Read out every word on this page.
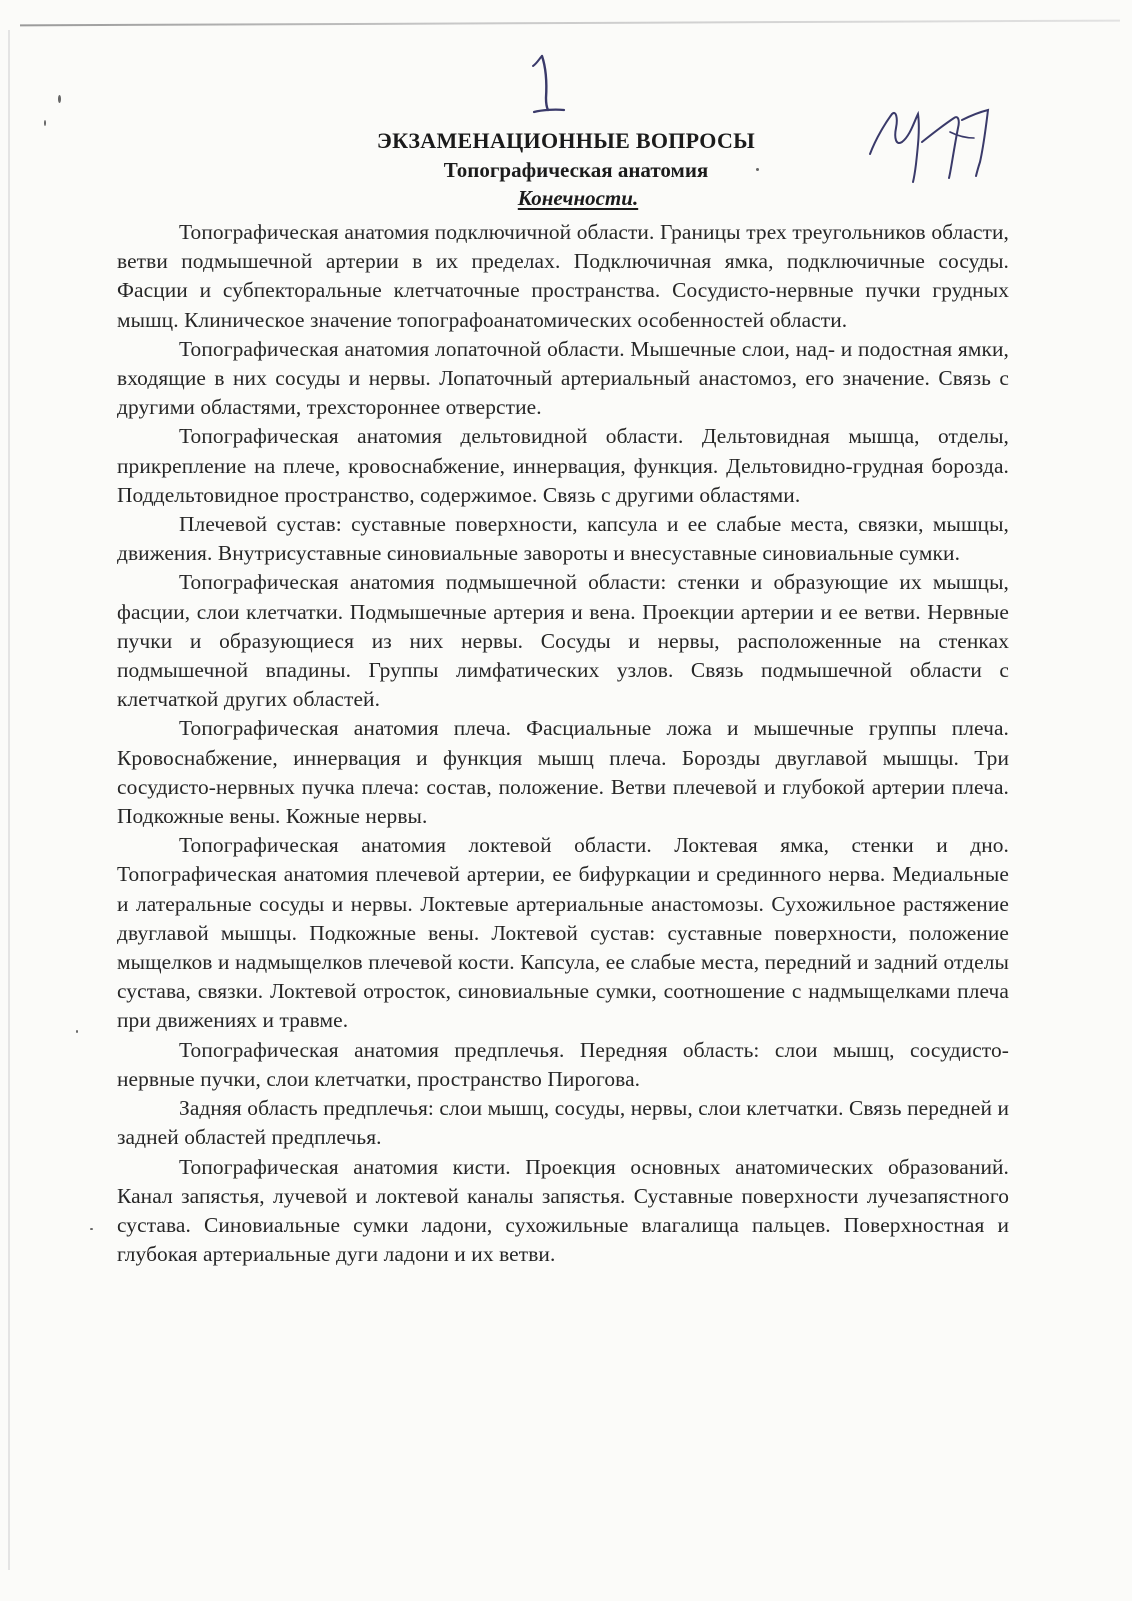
ЭКЗАМЕНАЦИОННЫЕ ВОПРОСЫ
Топографическая анатомия
Конечности.

Топографическая анатомия подключичной области. Границы трех треугольников области, ветви подмышечной артерии в их пределах. Подключичная ямка, подключичные сосуды. Фасции и субпекторальные клетчаточные пространства. Сосудисто-нервные пучки грудных мышц. Клиническое значение топографоанатомических особенностей области.

Топографическая анатомия лопаточной области. Мышечные слои, над- и подостная ямки, входящие в них сосуды и нервы. Лопаточный артериальный анастомоз, его значение. Связь с другими областями, трехстороннее отверстие.

Топографическая анатомия дельтовидной области. Дельтовидная мышца, отделы, прикрепление на плече, кровоснабжение, иннервация, функция. Дельтовидно-грудная борозда. Поддельтовидное пространство, содержимое. Связь с другими областями.

Плечевой сустав: суставные поверхности, капсула и ее слабые места, связки, мышцы, движения. Внутрисуставные синовиальные завороты и внесуставные синовиальные сумки.

Топографическая анатомия подмышечной области: стенки и образующие их мышцы, фасции, слои клетчатки. Подмышечные артерия и вена. Проекции артерии и ее ветви. Нервные пучки и образующиеся из них нервы. Сосуды и нервы, расположенные на стенках подмышечной впадины. Группы лимфатических узлов. Связь подмышечной области с клетчаткой других областей.

Топографическая анатомия плеча. Фасциальные ложа и мышечные группы плеча. Кровоснабжение, иннервация и функция мышц плеча. Борозды двуглавой мышцы. Три сосудисто-нервных пучка плеча: состав, положение. Ветви плечевой и глубокой артерии плеча. Подкожные вены. Кожные нервы.

Топографическая анатомия локтевой области. Локтевая ямка, стенки и дно. Топографическая анатомия плечевой артерии, ее бифуркации и срединного нерва. Медиальные и латеральные сосуды и нервы. Локтевые артериальные анастомозы. Сухожильное растяжение двуглавой мышцы. Подкожные вены. Локтевой сустав: суставные поверхности, положение мыщелков и надмыщелков плечевой кости. Капсула, ее слабые места, передний и задний отделы сустава, связки. Локтевой отросток, синовиальные сумки, соотношение с надмыщелками плеча при движениях и травме.

Топографическая анатомия предплечья. Передняя область: слои мышц, сосудисто-нервные пучки, слои клетчатки, пространство Пирогова.

Задняя область предплечья: слои мышц, сосуды, нервы, слои клетчатки. Связь передней и задней областей предплечья.

Топографическая анатомия кисти. Проекция основных анатомических образований. Канал запястья, лучевой и локтевой каналы запястья. Суставные поверхности лучезапястного сустава. Синовиальные сумки ладони, сухожильные влагалища пальцев. Поверхностная и глубокая артериальные дуги ладони и их ветви.
